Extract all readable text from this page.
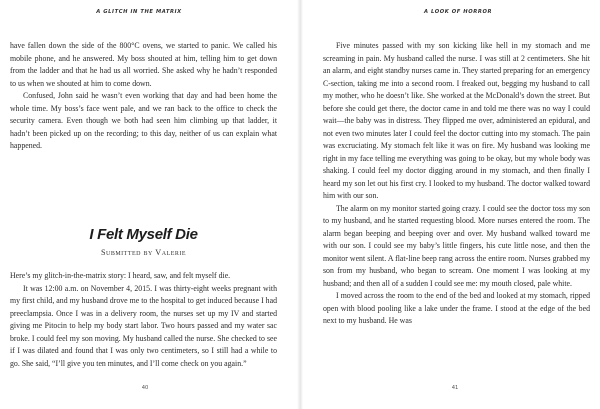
A GLITCH IN THE MATRIX

have fallen down the side of the 800°C ovens, we started to panic. We called his mobile phone, and he answered. My boss shouted at him, telling him to get down from the ladder and that he had us all worried. She asked why he hadn’t responded to us when we shouted at him to come down.

Confused, John said he wasn’t even working that day and had been home the whole time. My boss’s face went pale, and we ran back to the office to check the security camera. Even though we both had seen him climbing up that ladder, it hadn’t been picked up on the recording; to this day, neither of us can explain what happened.

I Felt Myself Die
Submitted by Valerie

Here’s my glitch-in-the-matrix story: I heard, saw, and felt myself die.

It was 12:00 a.m. on November 4, 2015. I was thirty-eight weeks pregnant with my first child, and my husband drove me to the hospital to get induced because I had preeclampsia. Once I was in a delivery room, the nurses set up my IV and started giving me Pitocin to help my body start labor. Two hours passed and my water sac broke. I could feel my son moving. My husband called the nurse. She checked to see if I was dilated and found that I was only two centimeters, so I still had a while to go. She said, “I’ll give you ten minutes, and I’ll come check on you again.”

40
A LOOK OF HORROR

Five minutes passed with my son kicking like hell in my stomach and me screaming in pain. My husband called the nurse. I was still at 2 centimeters. She hit an alarm, and eight standby nurses came in. They started preparing for an emergency C-section, taking me into a second room. I freaked out, begging my husband to call my mother, who he doesn’t like. She worked at the McDonald’s down the street. But before she could get there, the doctor came in and told me there was no way I could wait—the baby was in distress. They flipped me over, administered an epidural, and not even two minutes later I could feel the doctor cutting into my stomach. The pain was excruciating. My stomach felt like it was on fire. My husband was looking me right in my face telling me everything was going to be okay, but my whole body was shaking. I could feel my doctor digging around in my stomach, and then finally I heard my son let out his first cry. I looked to my husband. The doctor walked toward him with our son.

The alarm on my monitor started going crazy. I could see the doctor toss my son to my husband, and he started requesting blood. More nurses entered the room. The alarm began beeping and beeping over and over. My husband walked toward me with our son. I could see my baby’s little fingers, his cute little nose, and then the monitor went silent. A flat-line beep rang across the entire room. Nurses grabbed my son from my husband, who began to scream. One moment I was looking at my husband; and then all of a sudden I could see me: my mouth closed, pale white.

I moved across the room to the end of the bed and looked at my stomach, ripped open with blood pooling like a lake under the frame. I stood at the edge of the bed next to my husband. He was

41
